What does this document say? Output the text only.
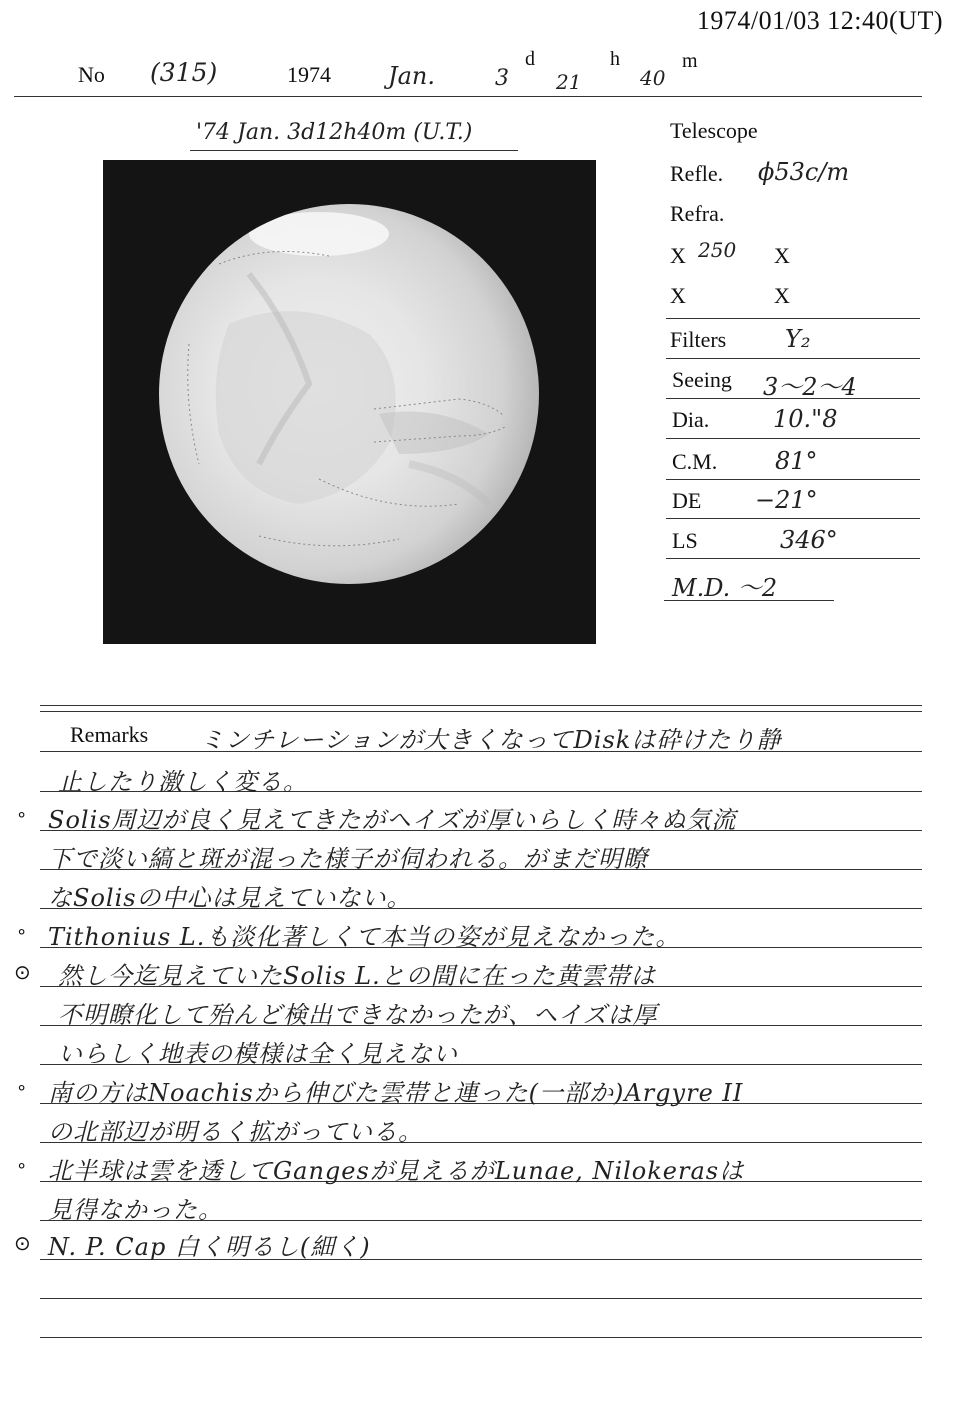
1974/01/03 12:40(UT)
No (315)	1974 Jan.	3
d
21
h
40
m
'74 Jan. 3d12h40m (U.T.)	Telescope
Refle. ϕ53c/m
Refra.
X 250 X
X	X
Filters Y₂
Seeing 3〜2〜4
Dia.	10."8
C.M. 81°
DE −21°
LS	346°
M.D. 〜2
Remarks ミンチレーションが大きくなってDiskは砕けたり静
止したり激しく変る。
∘ Solis周辺が良く見えてきたがヘイズが厚いらしく時々ぬ気流
下で淡い縞と斑が混った様子が伺われる。がまだ明瞭
なSolisの中心は見えていない。
∘ Tithonius L.も淡化著しくて本当の姿が見えなかった。
⊙ 然し今迄見えていたSolis L.との間に在った黄雲帯は
不明瞭化して殆んど検出できなかったが、ヘイズは厚
いらしく地表の模様は全く見えない
∘ 南の方はNoachisから伸びた雲帯と連った(一部か)Argyre II
の北部辺が明るく拡がっている。
∘ 北半球は雲を透してGangesが見えるがLunae, Nilokerasは
見得なかった。
⊙ N. P. Cap 白く明るし(細く)
